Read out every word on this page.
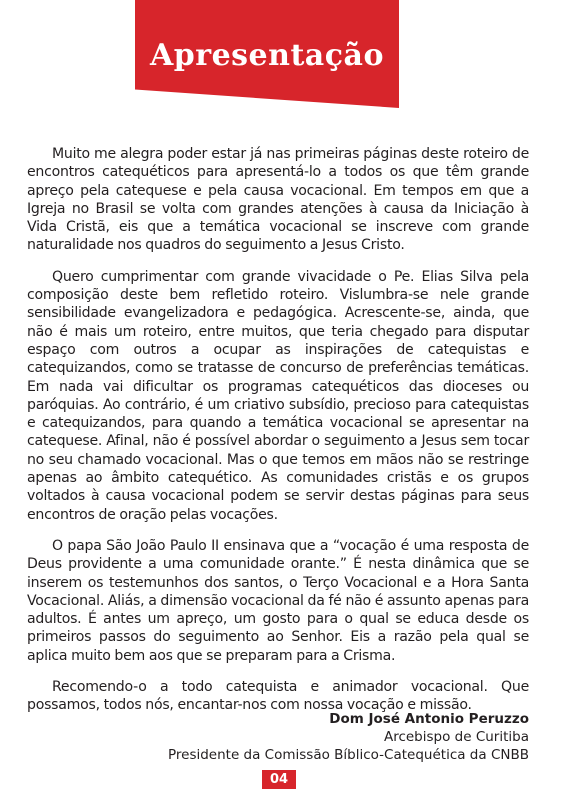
Apresentação

Muito me alegra poder estar já nas primeiras páginas deste roteiro de encontros catequéticos para apresentá-lo a todos os que têm grande apreço pela catequese e pela causa vocacional. Em tempos em que a Igreja no Brasil se volta com grandes atenções à causa da Iniciação à Vida Cristã, eis que a temática vocacional se inscreve com grande naturalidade nos quadros do seguimento a Jesus Cristo.

Quero cumprimentar com grande vivacidade o Pe. Elias Silva pela composição deste bem refletido roteiro. Vislumbra-se nele grande sensibilidade evangelizadora e pedagógica. Acrescente-se, ainda, que não é mais um roteiro, entre muitos, que teria chegado para disputar espaço com outros a ocupar as inspirações de catequistas e catequizandos, como se tratasse de concurso de preferências temáticas. Em nada vai dificultar os programas catequéticos das dioceses ou paróquias. Ao contrário, é um criativo subsídio, precioso para catequistas e catequizandos, para quando a temática vocacional se apresentar na catequese. Afinal, não é possível abordar o seguimento a Jesus sem tocar no seu chamado vocacional. Mas o que temos em mãos não se restringe apenas ao âmbito catequético. As comunidades cristãs e os grupos voltados à causa vocacional podem se servir destas páginas para seus encontros de oração pelas vocações.

O papa São João Paulo II ensinava que a “vocação é uma resposta de Deus providente a uma comunidade orante.” É nesta dinâmica que se inserem os testemunhos dos santos, o Terço Vocacional e a Hora Santa Vocacional. Aliás, a dimensão vocacional da fé não é assunto apenas para adultos. É antes um apreço, um gosto para o qual se educa desde os primeiros passos do seguimento ao Senhor. Eis a razão pela qual se aplica muito bem aos que se preparam para a Crisma.

Recomendo-o a todo catequista e animador vocacional. Que possamos, todos nós, encantar-nos com nossa vocação e missão.

Dom José Antonio Peruzzo
Arcebispo de Curitiba
Presidente da Comissão Bíblico-Catequética da CNBB
04
